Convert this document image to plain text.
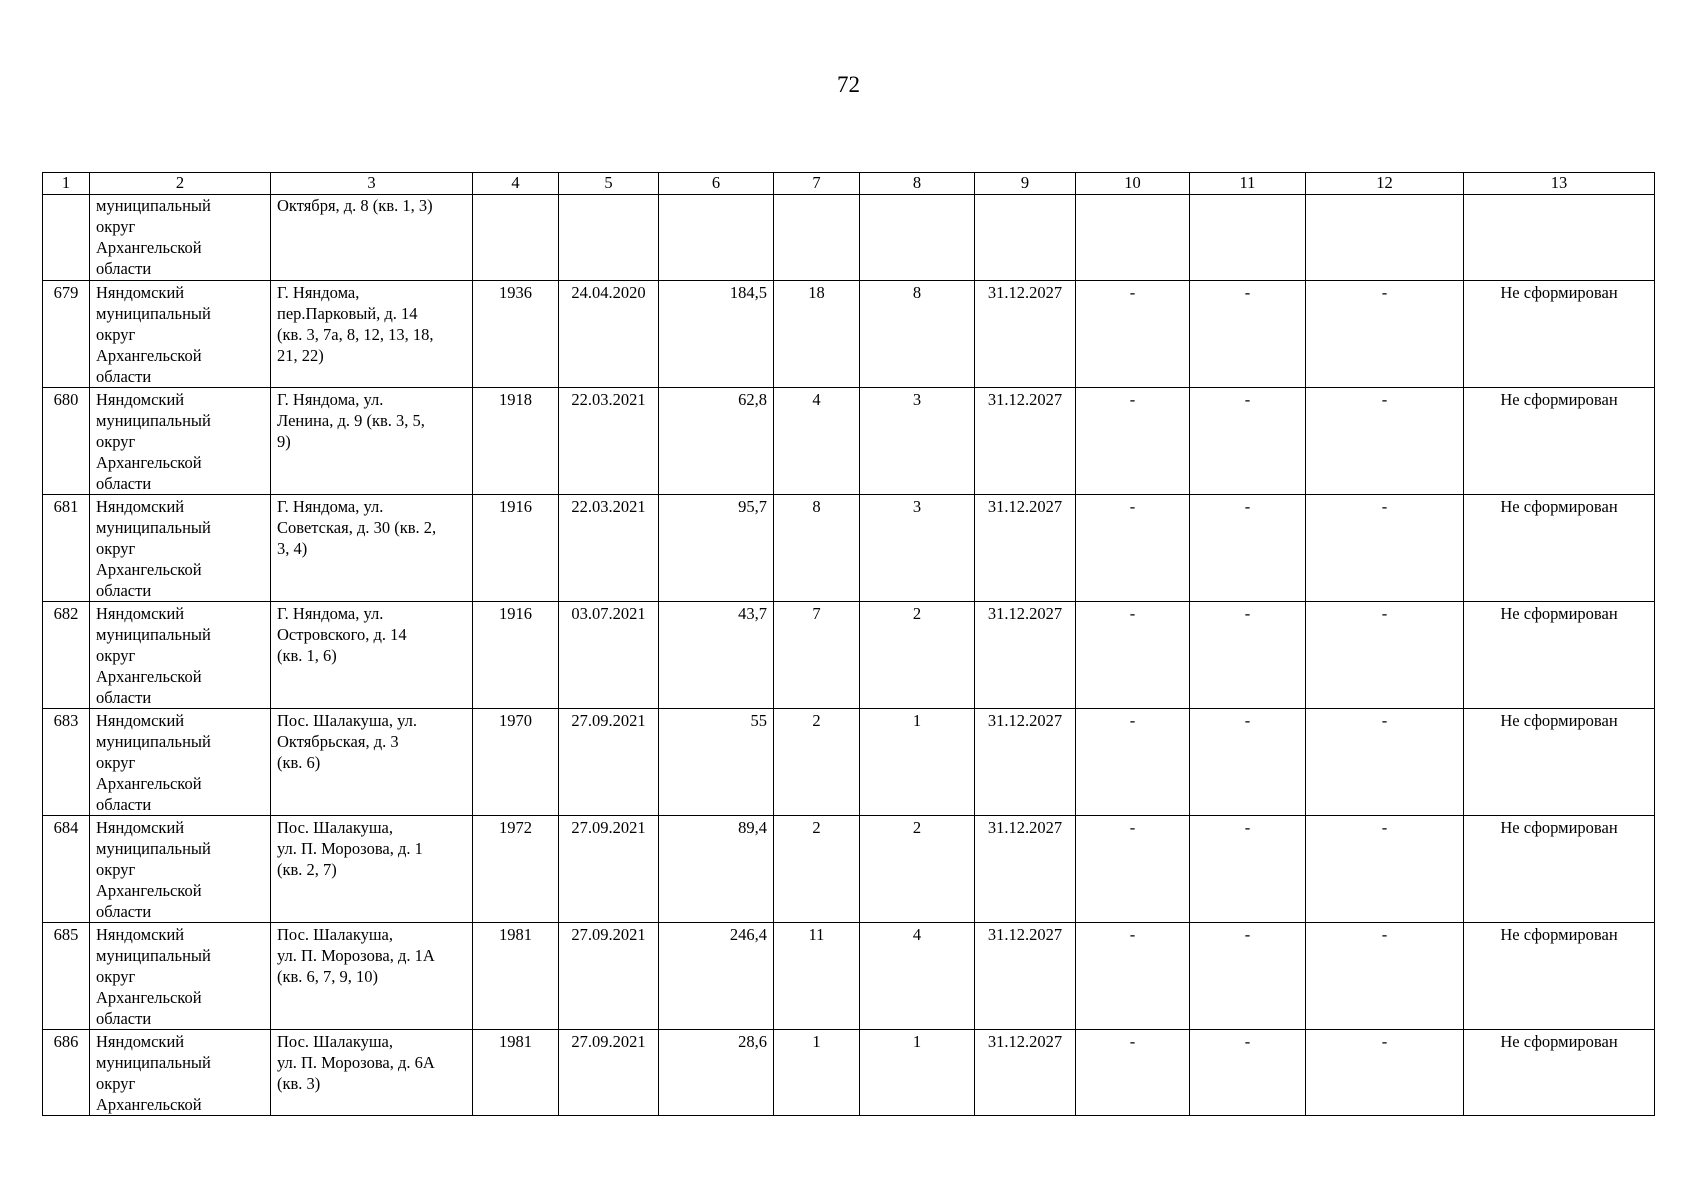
72
1	2	3	4	5	6	7	8	9	10	11	12	13

	муниципальный
округ
Архангельской
области	Октября, д. 8 (кв. 1, 3)										

679	Няндомский
муниципальный
округ
Архангельской
области	Г. Няндома,
пер.Парковый, д. 14
(кв. 3, 7а, 8, 12, 13, 18,
21, 22)	1936	24.04.2020	184,5	18	8	31.12.2027	-	-	-	Не сформирован
680	Няндомский
муниципальный
округ
Архангельской
области	Г. Няндома, ул.
Ленина, д. 9 (кв. 3, 5,
9)	1918	22.03.2021	62,8	4	3	31.12.2027	-	-	-	Не сформирован
681	Няндомский
муниципальный
округ
Архангельской
области	Г. Няндома, ул.
Советская, д. 30 (кв. 2,
3, 4)	1916	22.03.2021	95,7	8	3	31.12.2027	-	-	-	Не сформирован
682	Няндомский
муниципальный
округ
Архангельской
области	Г. Няндома, ул.
Островского, д. 14
(кв. 1, 6)	1916	03.07.2021	43,7	7	2	31.12.2027	-	-	-	Не сформирован
683	Няндомский
муниципальный
округ
Архангельской
области	Пос. Шалакуша, ул.
Октябрьская, д. 3
(кв. 6)	1970	27.09.2021	55	2	1	31.12.2027	-	-	-	Не сформирован
684	Няндомский
муниципальный
округ
Архангельской
области	Пос. Шалакуша,
ул. П. Морозова, д. 1
(кв. 2, 7)	1972	27.09.2021	89,4	2	2	31.12.2027	-	-	-	Не сформирован
685	Няндомский
муниципальный
округ
Архангельской
области	Пос. Шалакуша,
ул. П. Морозова, д. 1А
(кв. 6, 7, 9, 10)	1981	27.09.2021	246,4	11	4	31.12.2027	-	-	-	Не сформирован
686	Няндомский
муниципальный
округ
Архангельской	Пос. Шалакуша,
ул. П. Морозова, д. 6А
(кв. 3)	1981	27.09.2021	28,6	1	1	31.12.2027	-	-	-	Не сформирован
